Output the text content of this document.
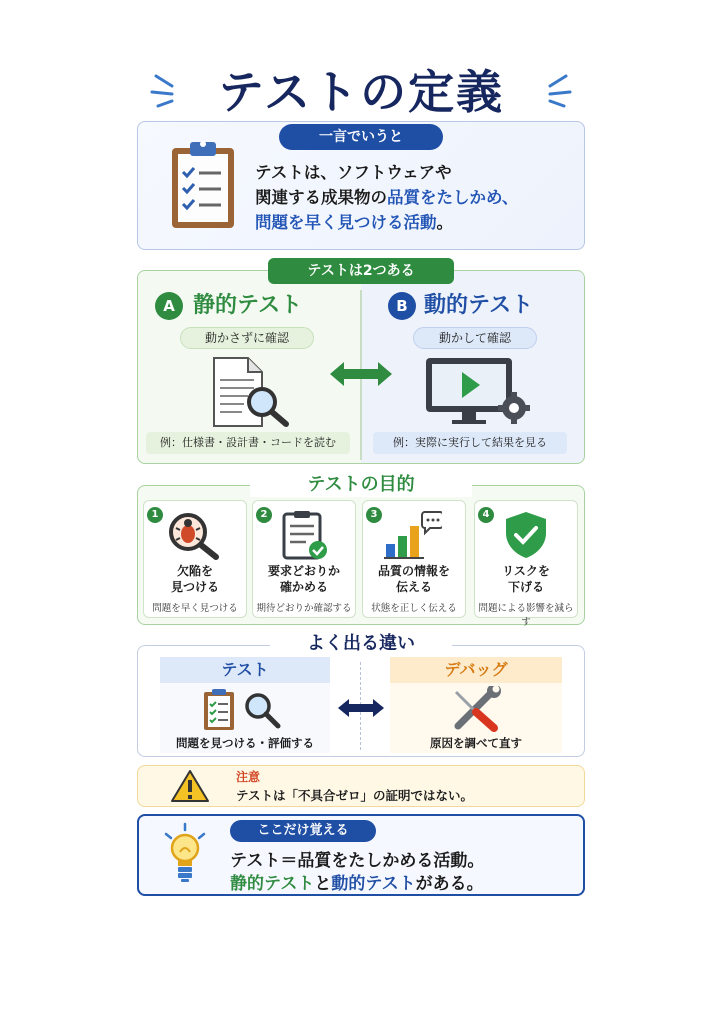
テストの定義
一言でいうと
テストは、ソフトウェアや
関連する成果物の品質をたしかめ、
問題を早く見つける活動。
テストは2つある
A 静的テスト
動かさずに確認
例：仕様書・設計書・コードを読む
B 動的テスト
動かして確認
例：実際に実行して結果を見る
テストの目的
1
欠陥を
見つける
問題を早く見つける
2
要求どおりか
確かめる
期待どおりか確認する
3
品質の情報を
伝える
状態を正しく伝える
4
リスクを
下げる
問題による影響を減らす
よく出る違い
テスト
問題を見つける・評価する
デバッグ
原因を調べて直す
注意
テストは「不具合ゼロ」の証明ではない。
ここだけ覚える
テスト＝品質をたしかめる活動。
静的テストと動的テストがある。
